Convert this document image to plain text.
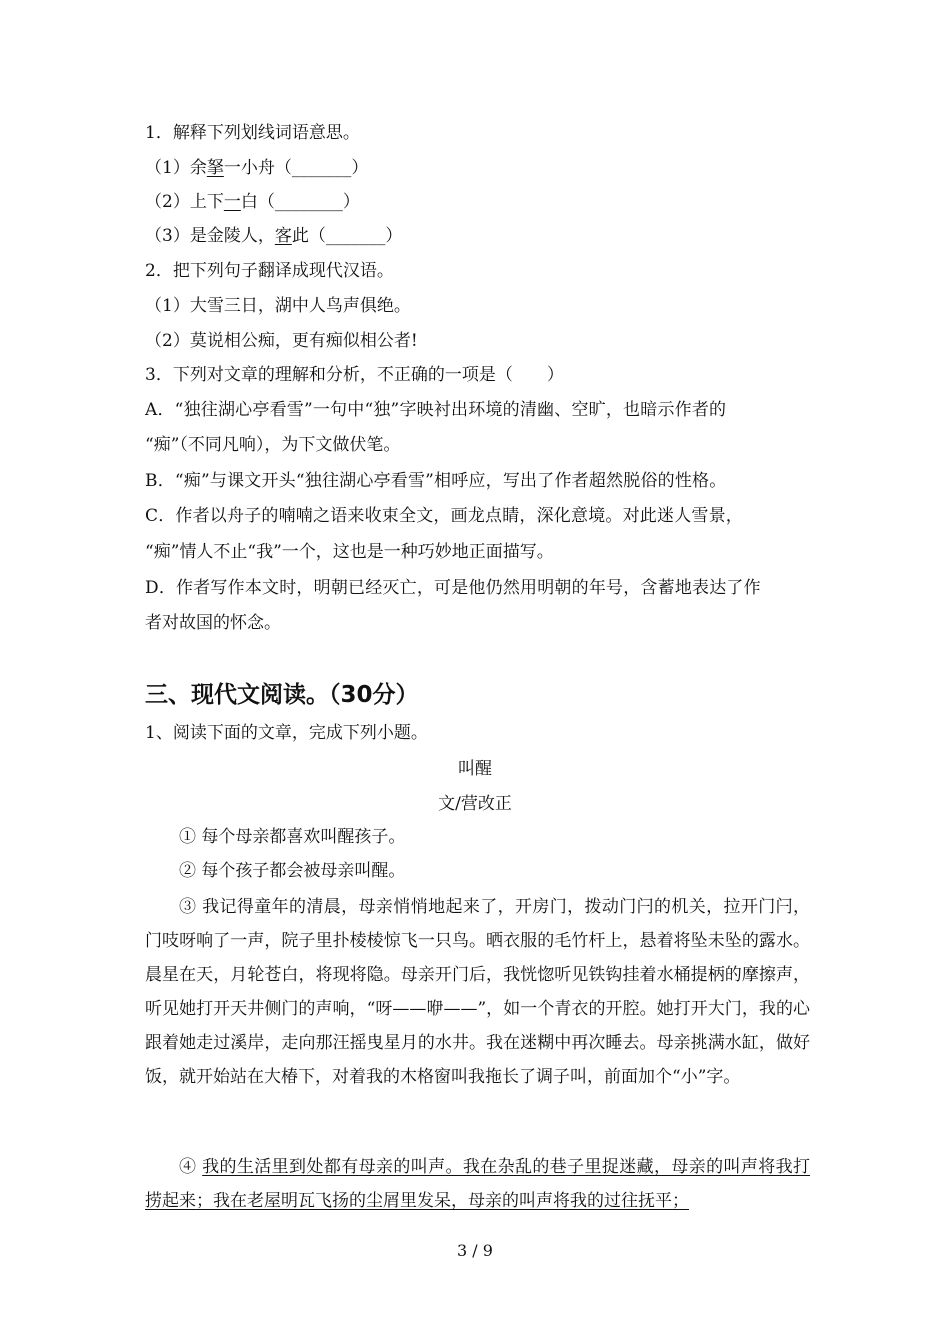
1．解释下列划线词语意思。
（1）余拏一小舟（_______）
（2）上下一白（________）
（3）是金陵人，客此（_______）
2．把下列句子翻译成现代汉语。
（1）大雪三日，湖中人鸟声俱绝。
（2）莫说相公痴，更有痴似相公者!
3．下列对文章的理解和分析，不正确的一项是（　　）
A．“独往湖心亭看雪”一句中“独”字映衬出环境的清幽、空旷，也暗示作者的
“痴”（不同凡响），为下文做伏笔。
B．“痴”与课文开头“独往湖心亭看雪”相呼应，写出了作者超然脱俗的性格。
C．作者以舟子的喃喃之语来收束全文，画龙点睛，深化意境。对此迷人雪景，
“痴”情人不止“我”一个，这也是一种巧妙地正面描写。
D．作者写作本文时，明朝已经灭亡，可是他仍然用明朝的年号，含蓄地表达了作
者对故国的怀念。
三、现代文阅读。（30分）
1、阅读下面的文章，完成下列小题。
叫醒
文/营改正
① 每个母亲都喜欢叫醒孩子。
② 每个孩子都会被母亲叫醒。
③ 我记得童年的清晨，母亲悄悄地起来了，开房门，拨动门闩的机关，拉开门闩，门吱呀响了一声，院子里扑棱棱惊飞一只鸟。晒衣服的毛竹杆上，悬着将坠未坠的露水。晨星在天，月轮苍白，将现将隐。母亲开门后，我恍惚听见铁钩挂着水桶提柄的摩擦声，听见她打开天井侧门的声响，“呀——咿——”，如一个青衣的开腔。她打开大门，我的心跟着她走过溪岸，走向那汪摇曳星月的水井。我在迷糊中再次睡去。母亲挑满水缸，做好饭，就开始站在大椿下，对着我的木格窗叫我拖长了调子叫，前面加个“小”字。
④ 我的生活里到处都有母亲的叫声。我在杂乱的巷子里捉迷藏，母亲的叫声将我打捞起来；我在老屋明瓦飞扬的尘屑里发呆，母亲的叫声将我的过往抚平；
3 / 9
